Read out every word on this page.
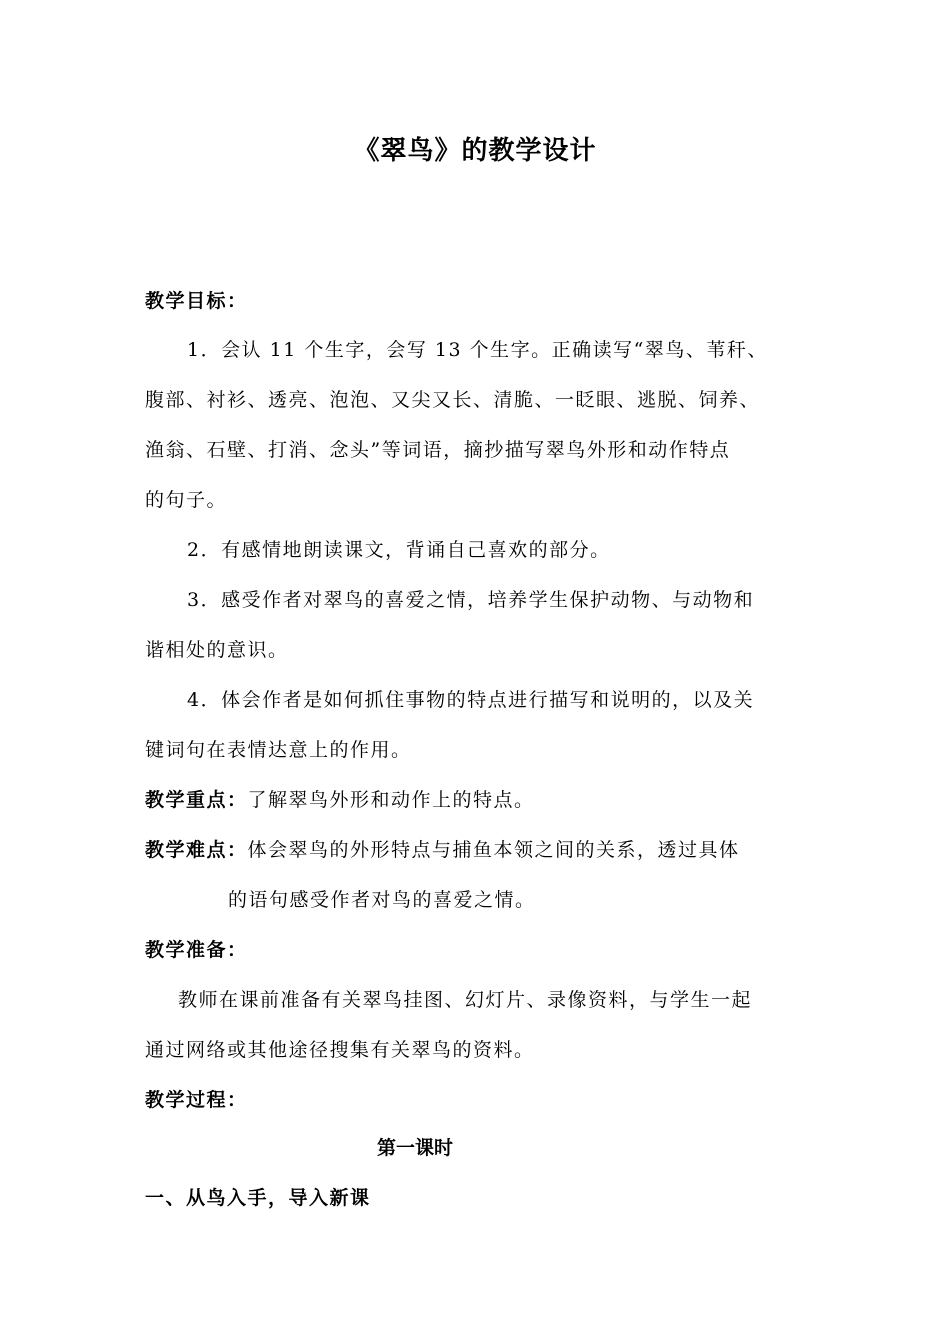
《翠鸟》的教学设计
教学目标：
1．会认 11 个生字，会写 13 个生字。正确读写“翠鸟、苇秆、
腹部、衬衫、透亮、泡泡、又尖又长、清脆、一眨眼、逃脱、饲养、
渔翁、石壁、打消、念头”等词语，摘抄描写翠鸟外形和动作特点
的句子。
2．有感情地朗读课文，背诵自己喜欢的部分。
3．感受作者对翠鸟的喜爱之情，培养学生保护动物、与动物和
谐相处的意识。
4．体会作者是如何抓住事物的特点进行描写和说明的，以及关
键词句在表情达意上的作用。
教学重点：了解翠鸟外形和动作上的特点。
教学难点：体会翠鸟的外形特点与捕鱼本领之间的关系，透过具体
的语句感受作者对鸟的喜爱之情。
教学准备：
教师在课前准备有关翠鸟挂图、幻灯片、录像资料，与学生一起
通过网络或其他途径搜集有关翠鸟的资料。
教学过程：
第一课时
一、从鸟入手，导入新课
